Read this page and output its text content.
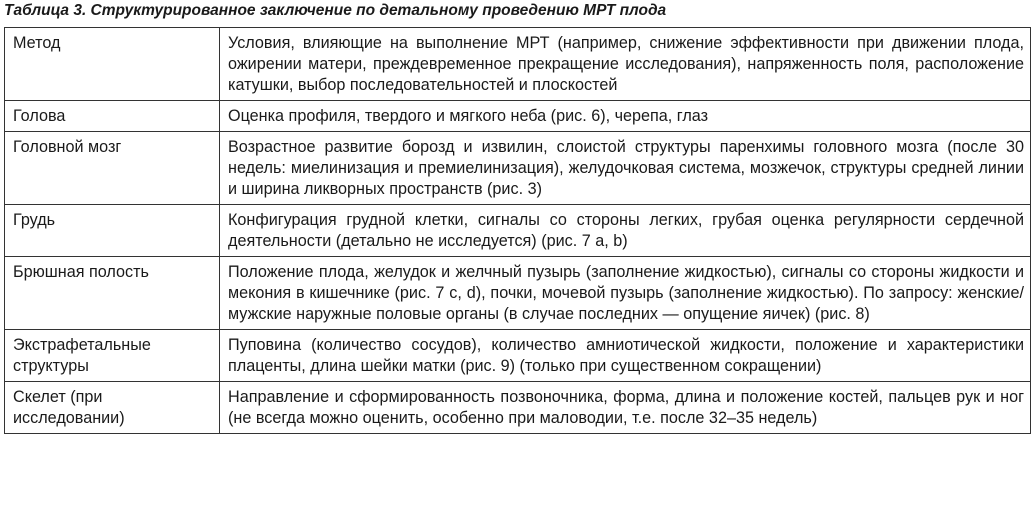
Таблица 3. Структурированное заключение по детальному проведению МРТ плода
Метод	Условия, влияющие на выполнение МРТ (например, снижение эффективности при движении плода, ожирении матери, преждевременное прекращение исследования), напряженность поля, расположение катушки, выбор последовательностей и плоскостей
Голова	Оценка профиля, твердого и мягкого неба (рис. 6), черепа, глаз
Головной мозг	Возрастное развитие борозд и извилин, слоистой структуры паренхимы головного мозга (после 30 недель: миелинизация и премиелинизация), желудочковая система, мозжечок, структуры средней линии и ширина ликворных пространств (рис. 3)
Грудь	Конфигурация грудной клетки, сигналы со стороны легких, грубая оценка регулярности сердечной деятельности (детально не исследуется) (рис. 7 a, b)
Брюшная полость	Положение плода, желудок и желчный пузырь (заполнение жидкостью), сигналы со стороны жидкости и мекония в кишечнике (рис. 7 c, d), почки, мочевой пузырь (заполнение жидкостью). По запросу: женские/мужские наружные половые органы (в случае последних — опущение яичек) (рис. 8)
Экстрафетальные структуры	Пуповина (количество сосудов), количество амниотической жидкости, положение и характеристики плаценты, длина шейки матки (рис. 9) (только при существенном сокращении)
Скелет (при исследовании)	Направление и сформированность позвоночника, форма, длина и положение костей, пальцев рук и ног (не всегда можно оценить, особенно при маловодии, т.е. после 32–35 недель)
